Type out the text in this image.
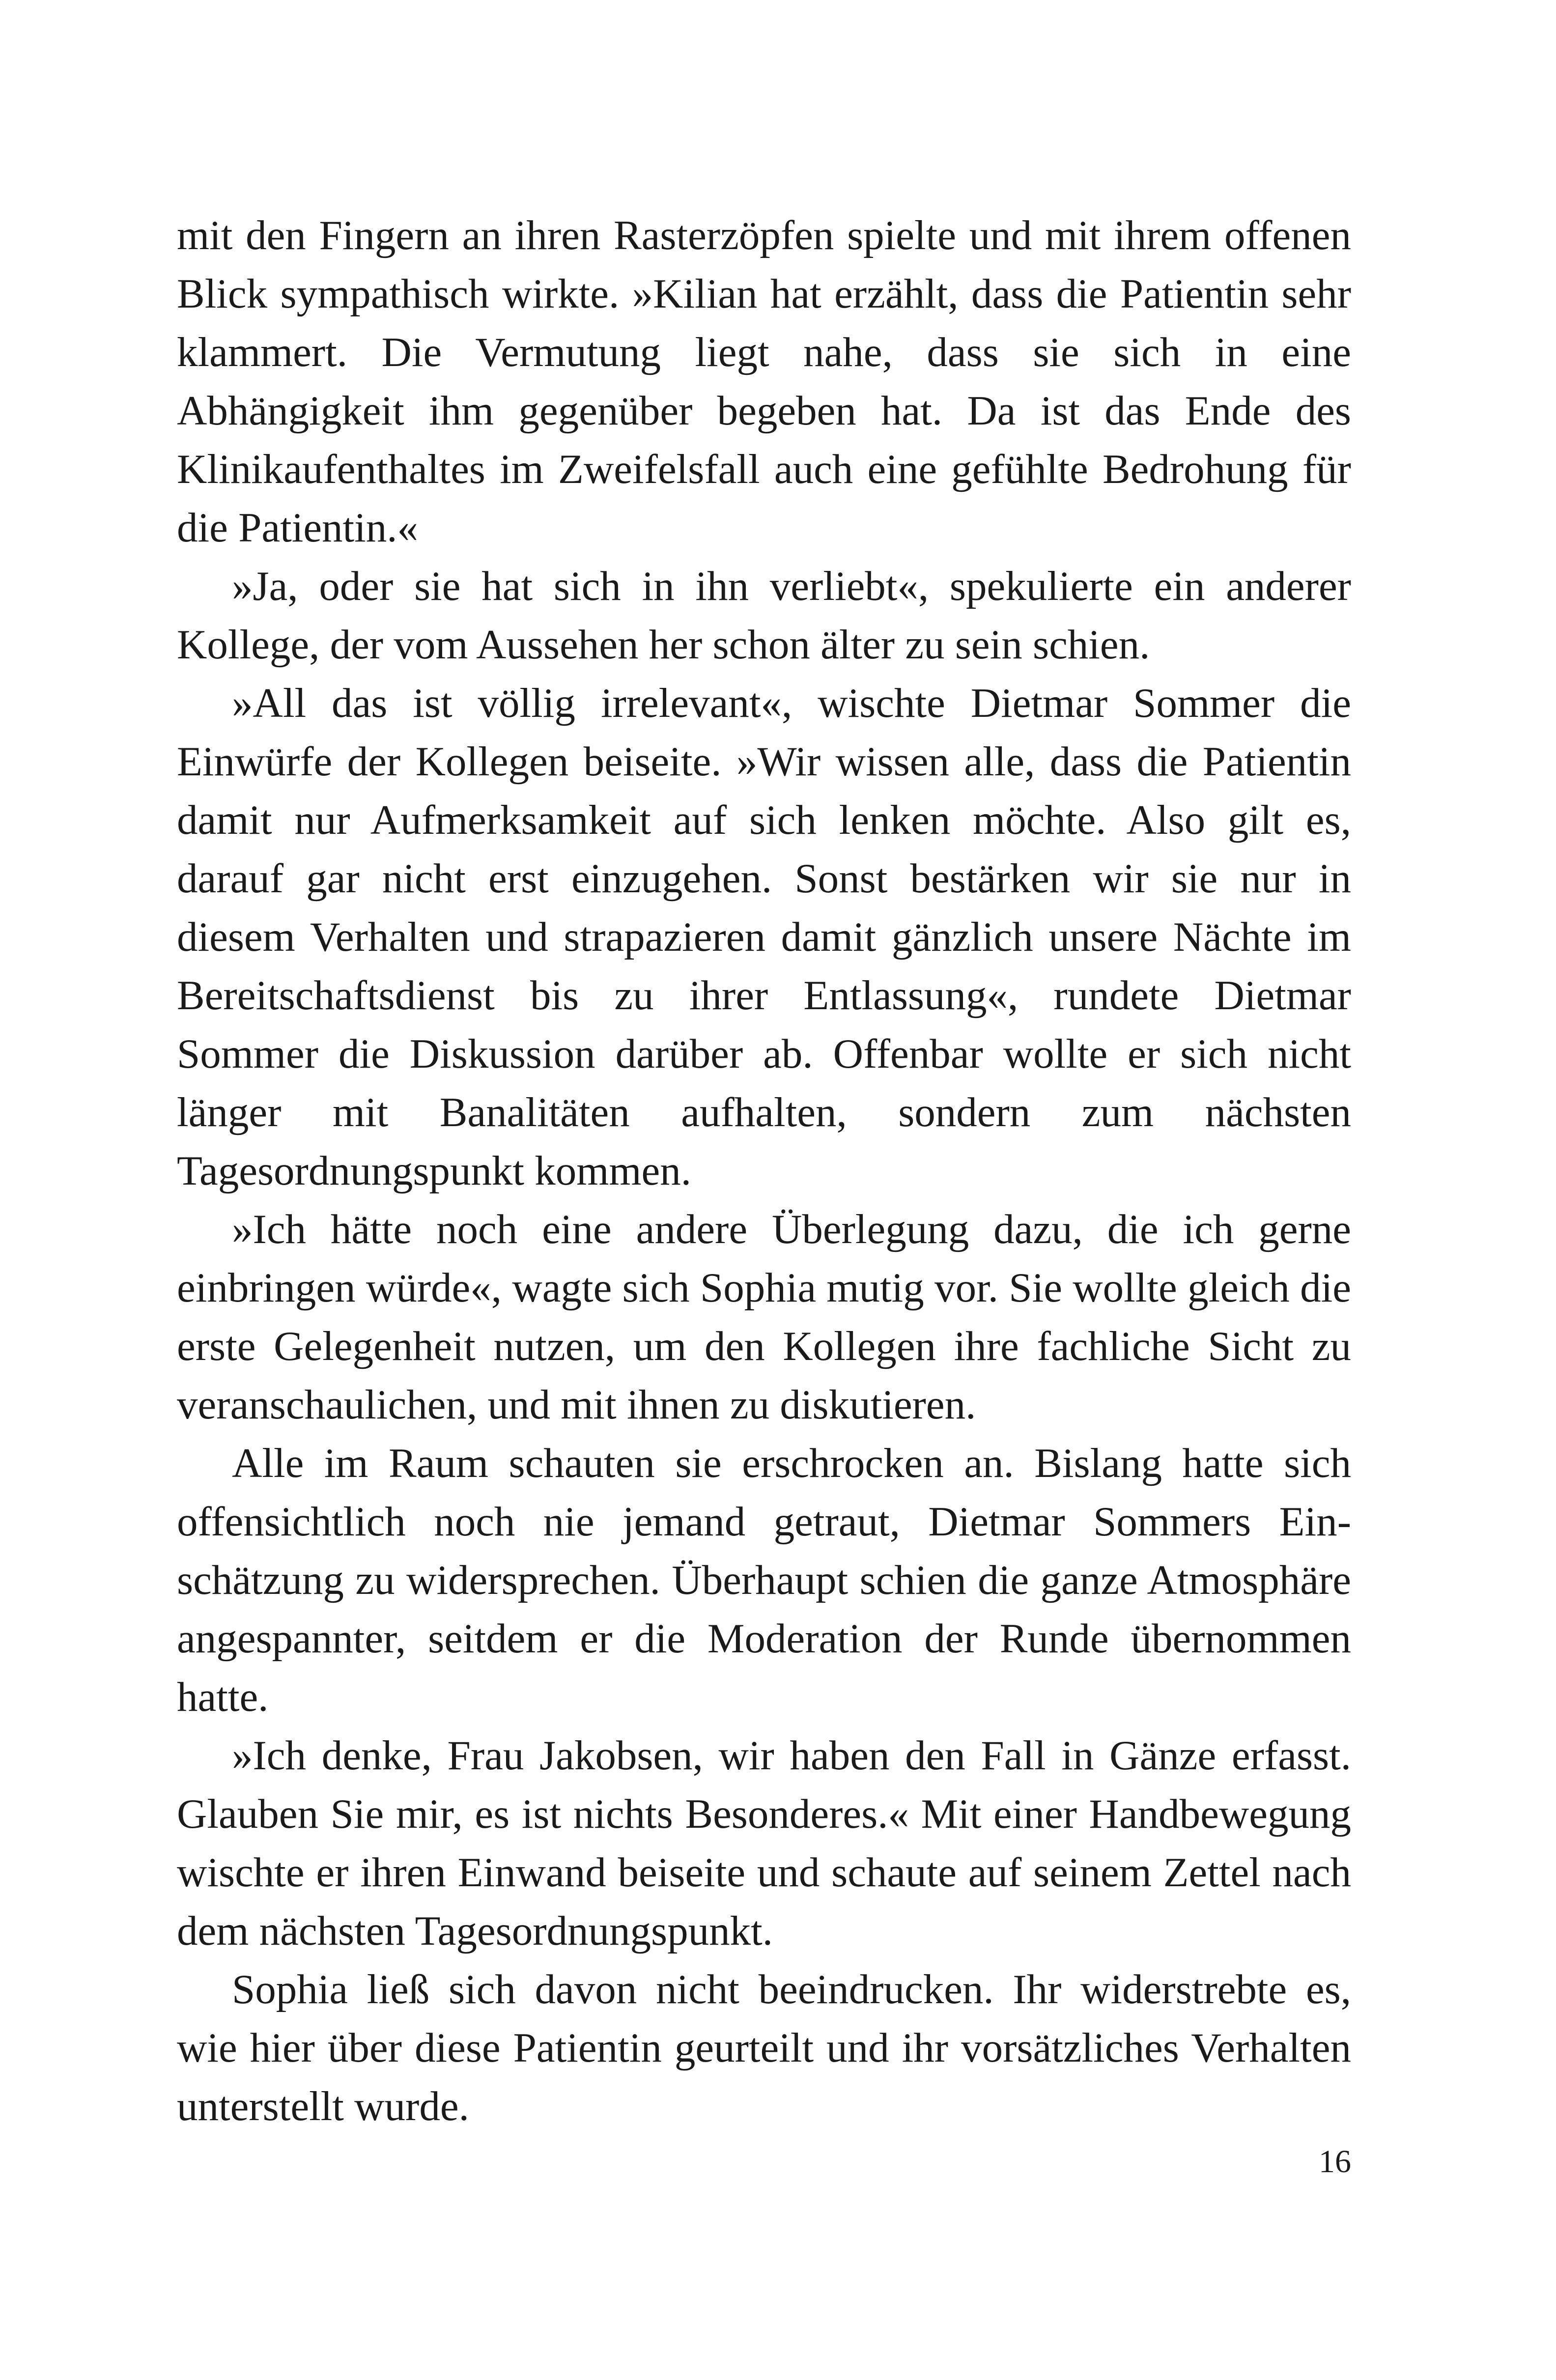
mit den Fingern an ihren Rasterzöpfen spielte und mit ihrem offenen Blick sympathisch wirkte. »Kilian hat erzählt, dass die Patientin sehr klammert. Die Vermutung liegt nahe, dass sie sich in eine Abhängigkeit ihm gegenüber begeben hat. Da ist das Ende des Klinikaufenthaltes im Zweifelsfall auch eine gefühlte Bedrohung für die Patientin.«

»Ja, oder sie hat sich in ihn verliebt«, spekulierte ein anderer Kollege, der vom Aussehen her schon älter zu sein schien.

»All das ist völlig irrelevant«, wischte Dietmar Sommer die Einwürfe der Kollegen beiseite. »Wir wissen alle, dass die Patientin damit nur Aufmerksamkeit auf sich lenken möchte. Also gilt es, darauf gar nicht erst einzugehen. Sonst bestärken wir sie nur in diesem Verhalten und strapazieren damit gänzlich unsere Nächte im Bereitschaftsdienst bis zu ihrer Entlassung«, rundete Dietmar Sommer die Diskussion darüber ab. Offenbar wollte er sich nicht länger mit Banalitäten aufhalten, sondern zum nächsten Tagesordnungspunkt kommen.

»Ich hätte noch eine andere Überlegung dazu, die ich gerne einbringen würde«, wagte sich Sophia mutig vor. Sie wollte gleich die erste Gelegenheit nutzen, um den Kollegen ihre fachliche Sicht zu veranschaulichen, und mit ihnen zu diskutieren.

Alle im Raum schauten sie erschrocken an. Bislang hatte sich offensichtlich noch nie jemand getraut, Dietmar Sommers Einschätzung zu widersprechen. Überhaupt schien die ganze Atmosphäre angespannter, seitdem er die Moderation der Runde übernommen hatte.

»Ich denke, Frau Jakobsen, wir haben den Fall in Gänze erfasst. Glauben Sie mir, es ist nichts Besonderes.« Mit einer Handbewegung wischte er ihren Einwand beiseite und schaute auf seinem Zettel nach dem nächsten Tagesordnungspunkt.

Sophia ließ sich davon nicht beeindrucken. Ihr widerstrebte es, wie hier über diese Patientin geurteilt und ihr vorsätzliches Verhalten unterstellt wurde.

16
